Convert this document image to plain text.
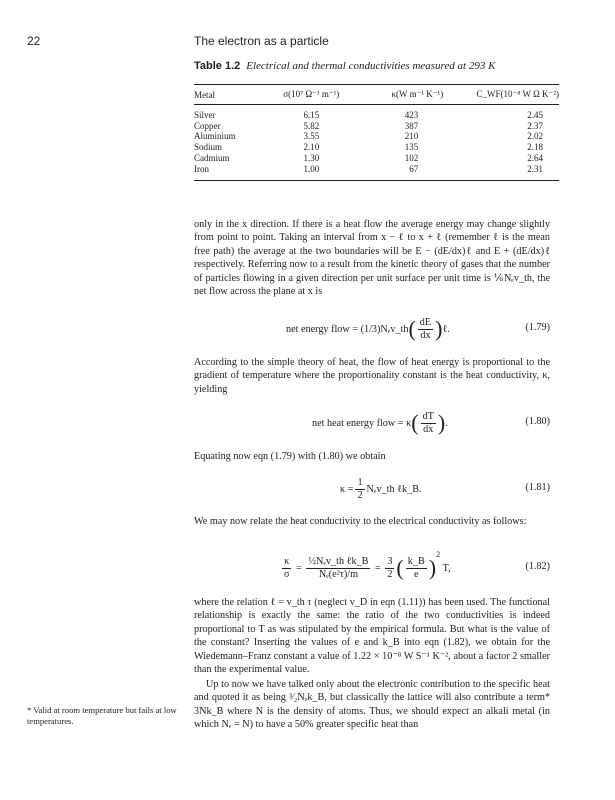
22	The electron as a particle
Table 1.2 Electrical and thermal conductivities measured at 293 K
Metal	σ(10⁷ Ω⁻¹ m⁻¹)	κ(W m⁻¹ K⁻¹)	C_WF(10⁻⁸ W Ω K⁻²)
Silver	6.15	423	2.45
Copper	5.82	387	2.37
Aluminium	3.55	210	2.02
Sodium	2.10	135	2.18
Cadmium	1.30	102	2.64
Iron	1.00	67	2.31

only in the x direction. If there is a heat flow the average energy may change slightly from point to point. Taking an interval from x − ℓ to x + ℓ (remember ℓ is the mean free path) the average at the two boundaries will be E − (dE/dx)ℓ and E + (dE/dx)ℓ respectively. Referring now to a result from the kinetic theory of gases that the number of particles flowing in a given direction per unit surface per unit time is ⅙Nₑv_th, the net flow across the plane at x is

net energy flow = (1/3)Nₑv_th ( $\frac{dE}{dx}$ ) ℓ.	(1.79)

According to the simple theory of heat, the flow of heat energy is proportional to the gradient of temperature where the proportionality constant is the heat conductivity, κ, yielding

net heat energy flow = κ ( $\frac{dT}{dx}$ ) .	(1.80)

Equating now eqn (1.79) with (1.80) we obtain

$\kappa = \frac{1}{2}$ Nₑv_th ℓk_B.	(1.81)

We may now relate the heat conductivity to the electrical conductivity as follows:

$\frac{\kappa}{\sigma} = \frac{\text{½Nₑv\_th ℓk\_B}}{\text{Nₑ(e²τ)/m}}$
=
$\frac{3}{2}$ ( $\frac{k\_B}{e}$ )
$^2$

T,	(1.82)

where the relation ℓ = v_th τ (neglect v_D in eqn (1.11)) has been used. The functional relationship is exactly the same: the ratio of the two conductivities is indeed proportional to T as was stipulated by the empirical formula. But what is the value of the constant? Inserting the values of e and k_B into eqn (1.82), we obtain for the Wiedemann–Franz constant a value of 1.22 × 10⁻⁸ W S⁻¹ K⁻², about a factor 2 smaller than the experimental value.

Up to now we have talked only about the electronic contribution to the specific heat and quoted it as being ³⁄₂Nₑk_B, but classically the lattice will also contribute a term* 3Nk_B where N is the density of atoms. Thus, we should expect an alkali metal (in which Nₑ = N) to have a 50% greater specific heat than

* Valid at room temperature but fails at low temperatures.
